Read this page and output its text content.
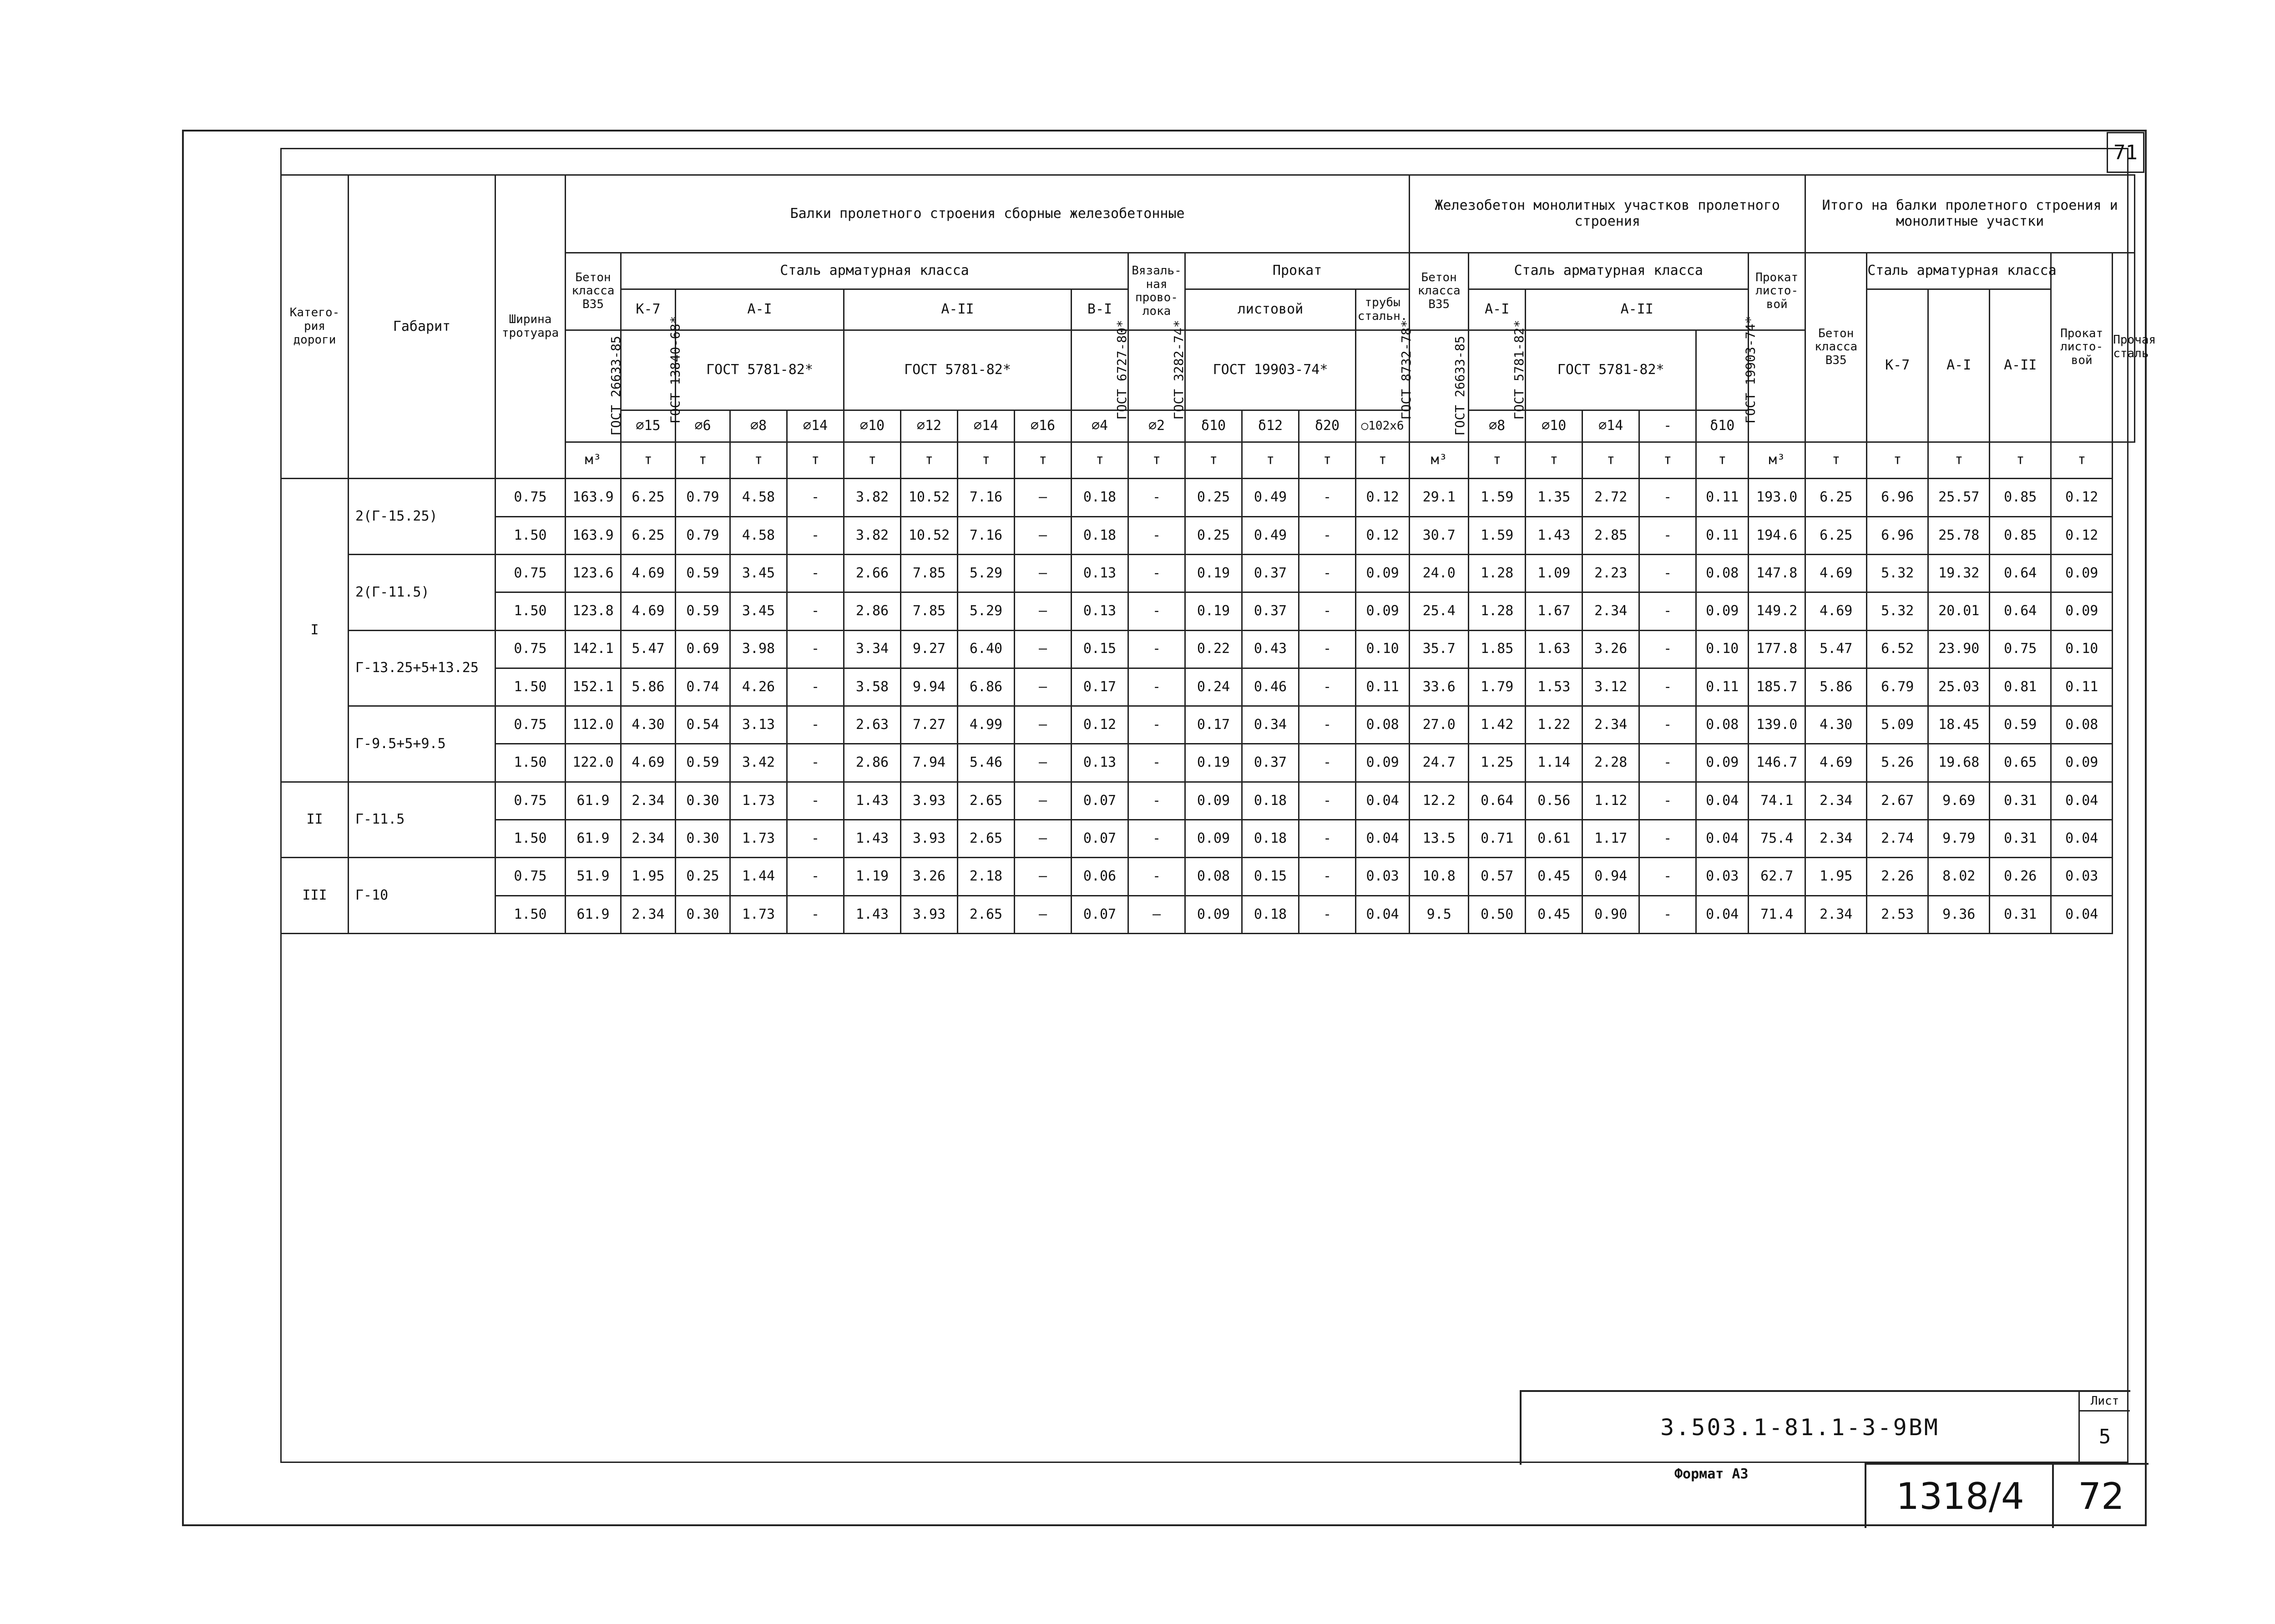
71
Катего-рия дороги	Габарит	Ширина тротуара	Балки пролетного строения сборные железобетонные															Железобетон монолитных участков пролетного строения							Итого на балки пролетного строения и монолитные участки					
			Бетон класса В35	Сталь арматурная класса									Вязаль-ная прово-лока	Прокат				Бетон класса В35	Сталь арматурная класса					Прокат листо-вой	Бетон класса В35	Сталь арматурная класса			Прокат листо-вой	Прочая сталь
				К-7	А-I			А-II				В-I		листовой			трубы стальн.		А-I	А-II						К-7	А-I	А-II		
			ГОСТ 26633-85	ГОСТ 13840-68*	ГОСТ 5781-82*			ГОСТ 5781-82*				ГОСТ 6727-80*	ГОСТ 3282-74*	ГОСТ 19903-74*			ГОСТ 8732-78*	ГОСТ 26633-85	ГОСТ 5781-82*	ГОСТ 5781-82*			ГОСТ 19903-74*							
				∅15	∅6	∅8	∅14	∅10	∅12	∅14	∅16	∅4	∅2	δ10	δ12	δ20	○102x6		∅8	∅10	∅14	-	δ10							
			м³	т	т	т	т	т	т	т	т	т	т	т	т	т	т	м³	т	т	т	т	т	м³	т	т	т	т	т	
I	2(Г-15.25)	0.75	163.9	6.25	0.79	4.58	-	3.82	10.52	7.16	–	0.18	-	0.25	0.49	-	0.12	29.1	1.59	1.35	2.72	-	0.11	193.0	6.25	6.96	25.57	0.85	0.12	
		1.50	163.9	6.25	0.79	4.58	-	3.82	10.52	7.16	–	0.18	-	0.25	0.49	-	0.12	30.7	1.59	1.43	2.85	-	0.11	194.6	6.25	6.96	25.78	0.85	0.12	
	2(Г-11.5)	0.75	123.6	4.69	0.59	3.45	-	2.66	7.85	5.29	–	0.13	-	0.19	0.37	-	0.09	24.0	1.28	1.09	2.23	-	0.08	147.8	4.69	5.32	19.32	0.64	0.09	
		1.50	123.8	4.69	0.59	3.45	-	2.86	7.85	5.29	–	0.13	-	0.19	0.37	-	0.09	25.4	1.28	1.67	2.34	-	0.09	149.2	4.69	5.32	20.01	0.64	0.09	
	Г-13.25+5+13.25	0.75	142.1	5.47	0.69	3.98	-	3.34	9.27	6.40	–	0.15	-	0.22	0.43	-	0.10	35.7	1.85	1.63	3.26	-	0.10	177.8	5.47	6.52	23.90	0.75	0.10	
		1.50	152.1	5.86	0.74	4.26	-	3.58	9.94	6.86	–	0.17	-	0.24	0.46	-	0.11	33.6	1.79	1.53	3.12	-	0.11	185.7	5.86	6.79	25.03	0.81	0.11	
	Г-9.5+5+9.5	0.75	112.0	4.30	0.54	3.13	-	2.63	7.27	4.99	–	0.12	-	0.17	0.34	-	0.08	27.0	1.42	1.22	2.34	-	0.08	139.0	4.30	5.09	18.45	0.59	0.08	
		1.50	122.0	4.69	0.59	3.42	-	2.86	7.94	5.46	–	0.13	-	0.19	0.37	-	0.09	24.7	1.25	1.14	2.28	-	0.09	146.7	4.69	5.26	19.68	0.65	0.09	
II	Г-11.5	0.75	61.9	2.34	0.30	1.73	-	1.43	3.93	2.65	–	0.07	-	0.09	0.18	-	0.04	12.2	0.64	0.56	1.12	-	0.04	74.1	2.34	2.67	9.69	0.31	0.04	
		1.50	61.9	2.34	0.30	1.73	-	1.43	3.93	2.65	–	0.07	-	0.09	0.18	-	0.04	13.5	0.71	0.61	1.17	-	0.04	75.4	2.34	2.74	9.79	0.31	0.04	
III	Г-10	0.75	51.9	1.95	0.25	1.44	-	1.19	3.26	2.18	–	0.06	-	0.08	0.15	-	0.03	10.8	0.57	0.45	0.94	-	0.03	62.7	1.95	2.26	8.02	0.26	0.03	
		1.50	61.9	2.34	0.30	1.73	-	1.43	3.93	2.65	–	0.07	—	0.09	0.18	-	0.04	9.5	0.50	0.45	0.90	-	0.04	71.4	2.34	2.53	9.36	0.31	0.04	
3.503.1-81.1-3-9ВМ
Лист
5
Формат А3
1318/4 72
